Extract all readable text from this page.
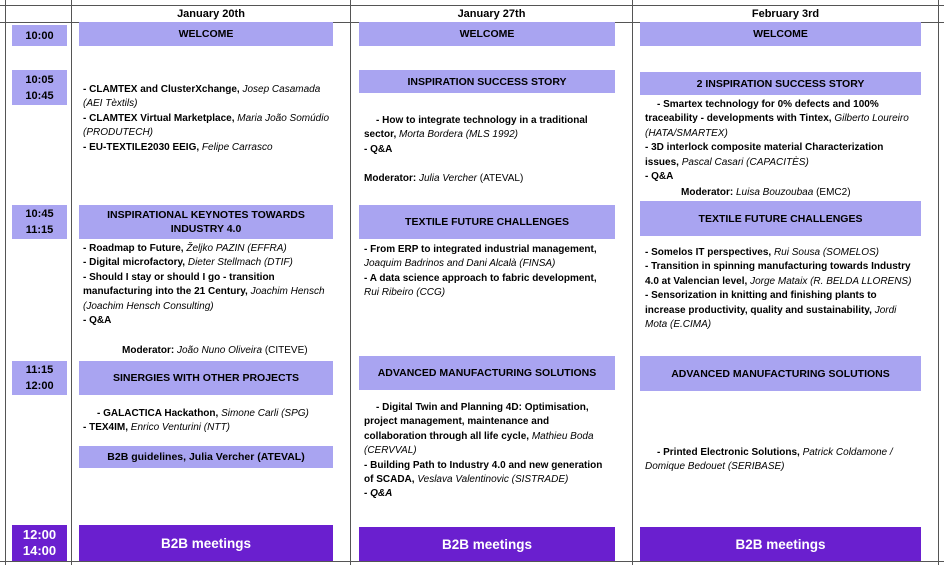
January 20th	January 27th	February 3rd
10:00
10:05
10:45
10:45
11:15
11:15
12:00
12:00
14:00
WELCOME

- CLAMTEX and ClusterXchange, Josep Casamada (AEI Tèxtils)

- CLAMTEX Virtual Marketplace, Maria João Somúdio (PRODUTECH)

- EU-TEXTILE2030 EEIG, Felipe Carrasco

INSPIRATIONAL KEYNOTES TOWARDS INDUSTRY 4.0

- Roadmap to Future, Željko PAZIN (EFFRA)

- Digital microfactory, Dieter Stellmach (DTIF)

- Should I stay or should I go - transition manufacturing into the 21 Century, Joachim Hensch (Joachim Hensch Consulting)

- Q&A

Moderator: João Nuno Oliveira (CITEVE)
SINERGIES WITH OTHER PROJECTS

- GALACTICA Hackathon, Simone Carli (SPG)

- TEX4IM, Enrico Venturini (NTT)

B2B guidelines, Julia Vercher (ATEVAL)
B2B meetings
WELCOME
INSPIRATION SUCCESS STORY

- How to integrate technology in a traditional sector, Morta Bordera (MLS 1992)

- Q&A

Moderator: Julia Vercher (ATEVAL)
TEXTILE FUTURE CHALLENGES

- From ERP to integrated industrial management, Joaquim Badrinos and Dani Alcalà (FINSA)

- A data science approach to fabric development, Rui Ribeiro (CCG)

ADVANCED MANUFACTURING SOLUTIONS

- Digital Twin and Planning 4D: Optimisation, project management, maintenance and collaboration through all life cycle, Mathieu Boda (CERVVAL)

- Building Path to Industry 4.0 and new generation of SCADA, Veslava Valentinovic (SISTRADE)

- Q&A

B2B meetings
WELCOME
2 INSPIRATION SUCCESS STORY

- Smartex technology for 0% defects and 100% traceability - developments with Tintex, Gilberto Loureiro (HATA/SMARTEX)

- 3D interlock composite material Characterization issues, Pascal Casari (CAPACITÈS)

- Q&A

Moderator: Luisa Bouzoubaa (EMC2)
TEXTILE FUTURE CHALLENGES

- Somelos IT perspectives, Rui Sousa (SOMELOS)

- Transition in spinning manufacturing towards Industry 4.0 at Valencian level, Jorge Mataix (R. BELDA LLORENS)

- Sensorization in knitting and finishing plants to increase productivity, quality and sustainability, Jordi Mota (E.CIMA)

ADVANCED MANUFACTURING SOLUTIONS

- Printed Electronic Solutions, Patrick Coldamone / Domique Bedouet (SERIBASE)

B2B meetings
